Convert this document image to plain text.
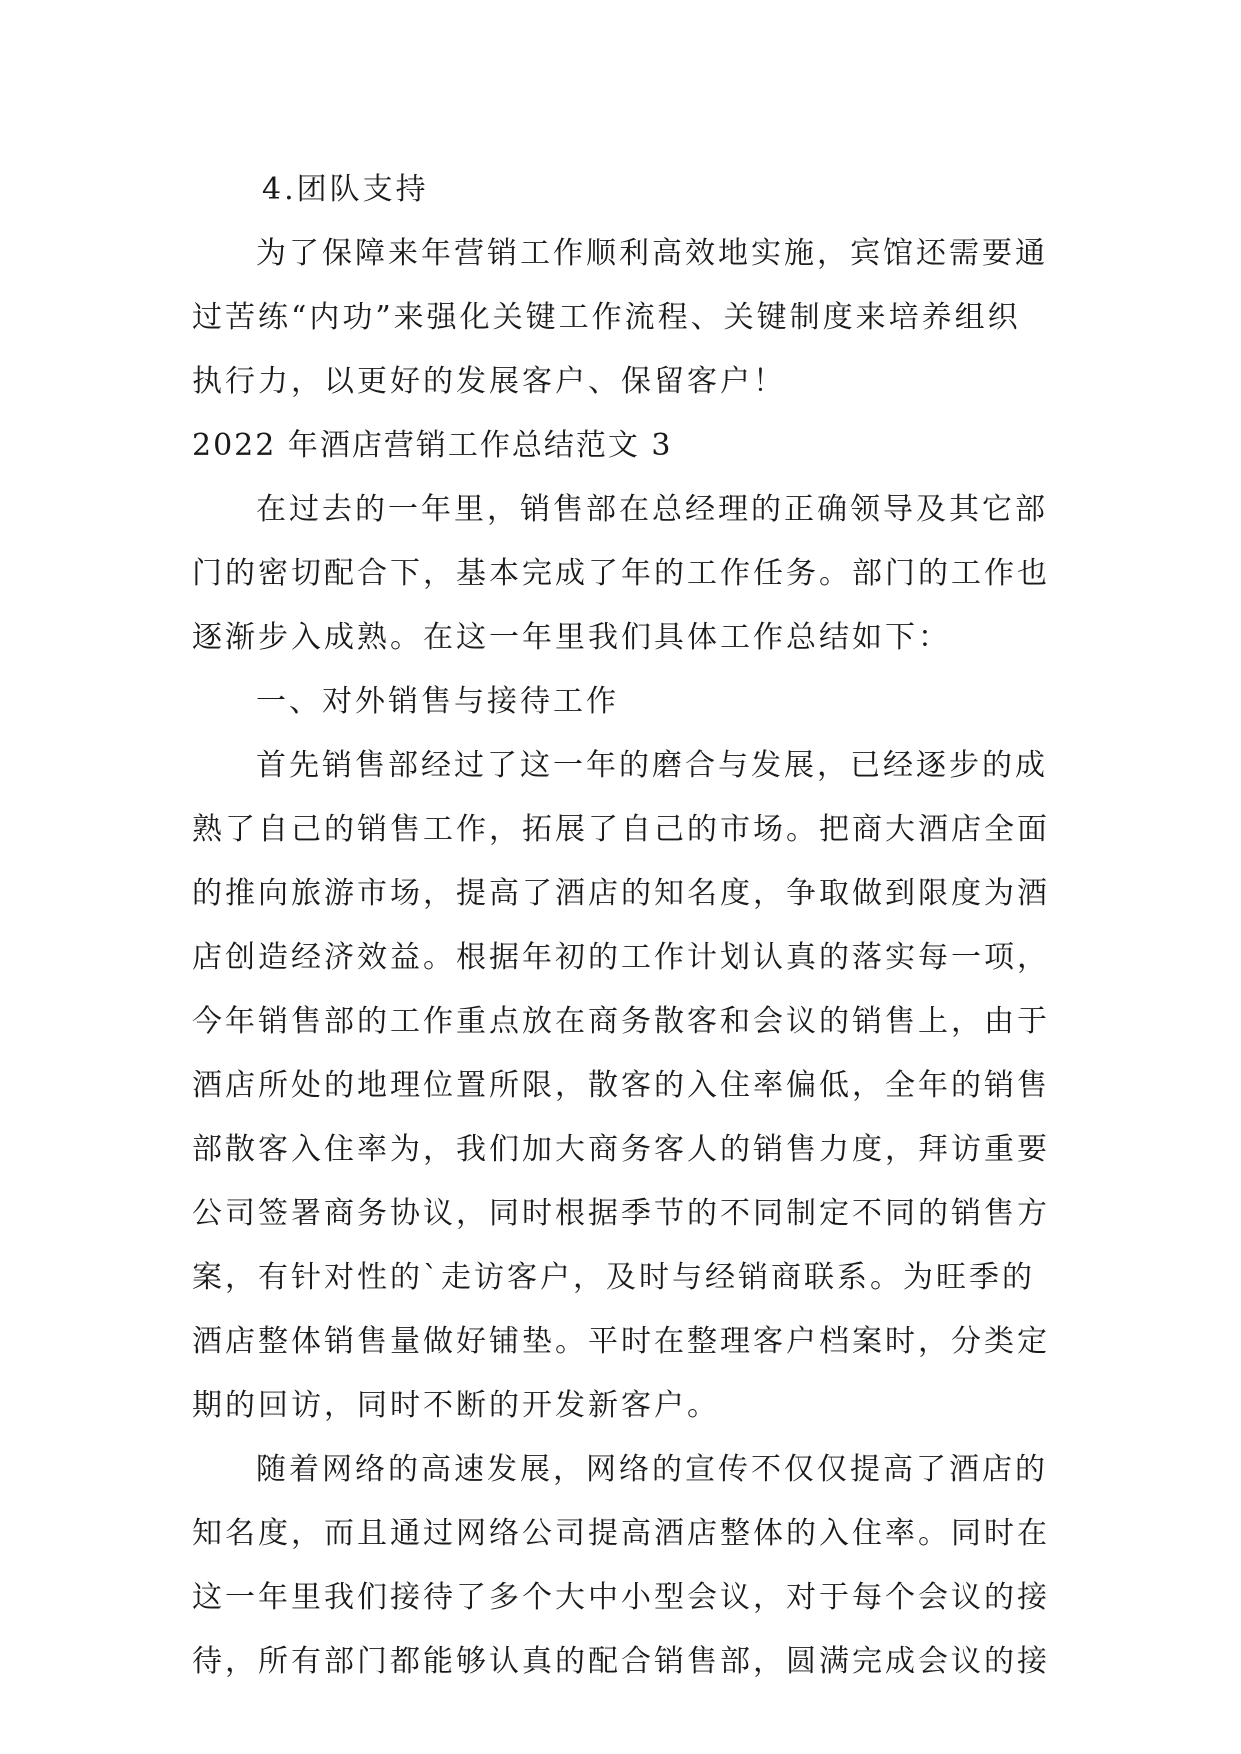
4.团队支持
为了保障来年营销工作顺利高效地实施，宾馆还需要通
过苦练“内功”来强化关键工作流程、关键制度来培养组织
执行力，以更好的发展客户、保留客户！
2022 年酒店营销工作总结范文 3
在过去的一年里，销售部在总经理的正确领导及其它部
门的密切配合下，基本完成了年的工作任务。部门的工作也
逐渐步入成熟。在这一年里我们具体工作总结如下：
一、对外销售与接待工作
首先销售部经过了这一年的磨合与发展，已经逐步的成
熟了自己的销售工作，拓展了自己的市场。把商大酒店全面
的推向旅游市场，提高了酒店的知名度，争取做到限度为酒
店创造经济效益。根据年初的工作计划认真的落实每一项，
今年销售部的工作重点放在商务散客和会议的销售上，由于
酒店所处的地理位置所限，散客的入住率偏低，全年的销售
部散客入住率为，我们加大商务客人的销售力度，拜访重要
公司签署商务协议，同时根据季节的不同制定不同的销售方
案，有针对性的`走访客户，及时与经销商联系。为旺季的
酒店整体销售量做好铺垫。平时在整理客户档案时，分类定
期的回访，同时不断的开发新客户。
随着网络的高速发展，网络的宣传不仅仅提高了酒店的
知名度，而且通过网络公司提高酒店整体的入住率。同时在
这一年里我们接待了多个大中小型会议，对于每个会议的接
待，所有部门都能够认真的配合销售部，圆满完成会议的接
